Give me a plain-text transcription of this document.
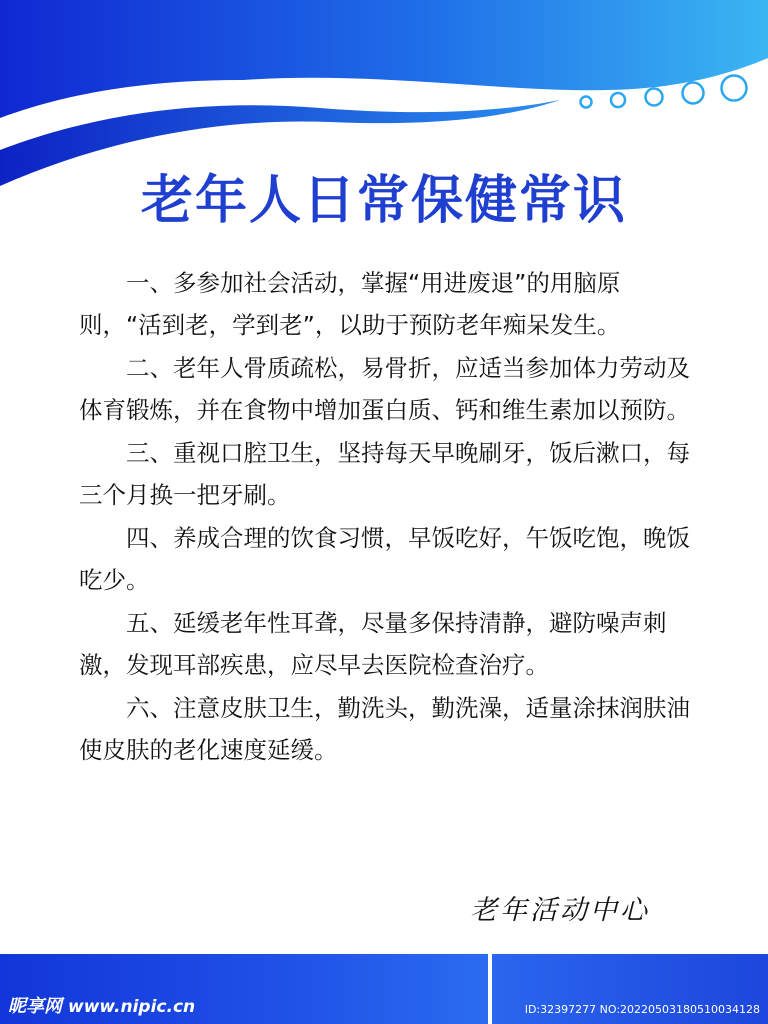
老年人日常保健常识

一、多参加社会活动，掌握“用进废退”的用脑原则，“活到老，学到老”，以助于预防老年痴呆发生。

二、老年人骨质疏松，易骨折，应适当参加体力劳动及体育锻炼，并在食物中增加蛋白质、钙和维生素加以预防。

三、重视口腔卫生，坚持每天早晚刷牙，饭后漱口，每三个月换一把牙刷。

四、养成合理的饮食习惯，早饭吃好，午饭吃饱，晚饭吃少。

五、延缓老年性耳聋，尽量多保持清静，避防噪声刺激，发现耳部疾患，应尽早去医院检查治疗。

六、注意皮肤卫生，勤洗头，勤洗澡，适量涂抹润肤油使皮肤的老化速度延缓。

老年活动中心
昵享网 www.nipic.cn	ID:32397277 NO:20220503180510034128
